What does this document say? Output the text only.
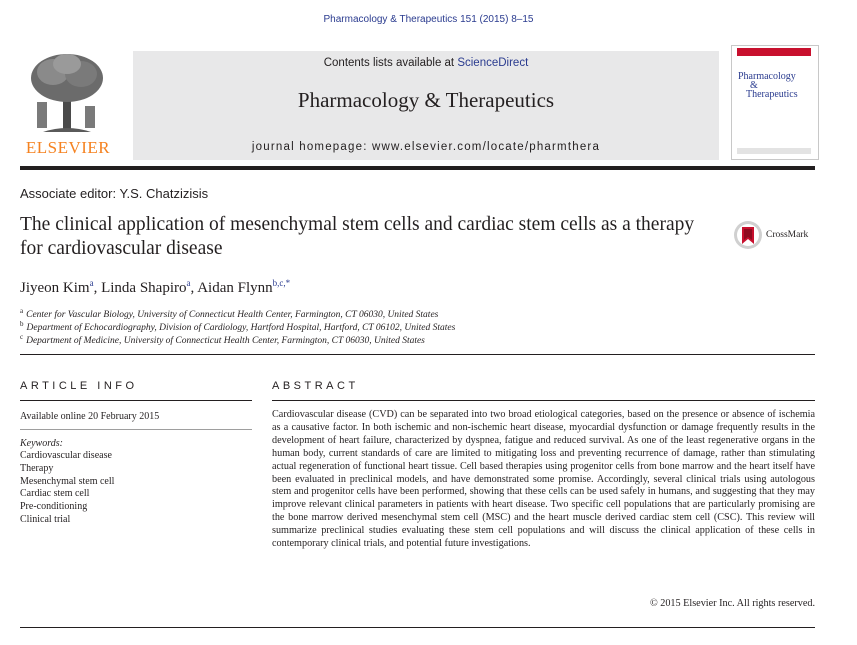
Pharmacology & Therapeutics 151 (2015) 8–15
ELSEVIER
Contents lists available at ScienceDirect
Pharmacology & Therapeutics
journal homepage: www.elsevier.com/locate/pharmthera
Pharmacology
&
Therapeutics
Associate editor: Y.S. Chatzizisis
The clinical application of mesenchymal stem cells and cardiac stem cells as a therapy for cardiovascular disease
CrossMark
Jiyeon Kim$^a$, Linda Shapiro$^a$, Aidan Flynn$^{b,c,*}$
$^a$ Center for Vascular Biology, University of Connecticut Health Center, Farmington, CT 06030, United States
$^b$ Department of Echocardiography, Division of Cardiology, Hartford Hospital, Hartford, CT 06102, United States
$^c$ Department of Medicine, University of Connecticut Health Center, Farmington, CT 06030, United States
ARTICLE INFO
Available online 20 February 2015
Keywords:
Cardiovascular disease
Therapy
Mesenchymal stem cell
Cardiac stem cell
Pre-conditioning
Clinical trial
ABSTRACT
Cardiovascular disease (CVD) can be separated into two broad etiological categories, based on the presence or absence of ischemia as a causative factor. In both ischemic and non-ischemic heart disease, myocardial dysfunction or damage frequently results in the development of heart failure, characterized by dyspnea, fatigue and reduced survival. As one of the least regenerative organs in the human body, current standards of care are limited to mitigating loss and preventing recurrence of damage, rather than stimulating actual regeneration of functional heart tissue. Cell based therapies using progenitor cells from bone marrow and the heart itself have been evaluated in preclinical models, and have demonstrated some promise. Accordingly, several clinical trials using autologous stem and progenitor cells have been performed, showing that these cells can be used safely in humans, and suggesting that they may improve relevant clinical parameters in patients with heart disease. Two specific cell populations that are particularly promising are the bone marrow derived mesenchymal stem cell (MSC) and the heart muscle derived cardiac stem cell (CSC). This review will summarize preclinical studies evaluating these stem cell populations and will discuss the clinical application of these cells in contemporary clinical trials, and potential future investigations.
© 2015 Elsevier Inc. All rights reserved.
